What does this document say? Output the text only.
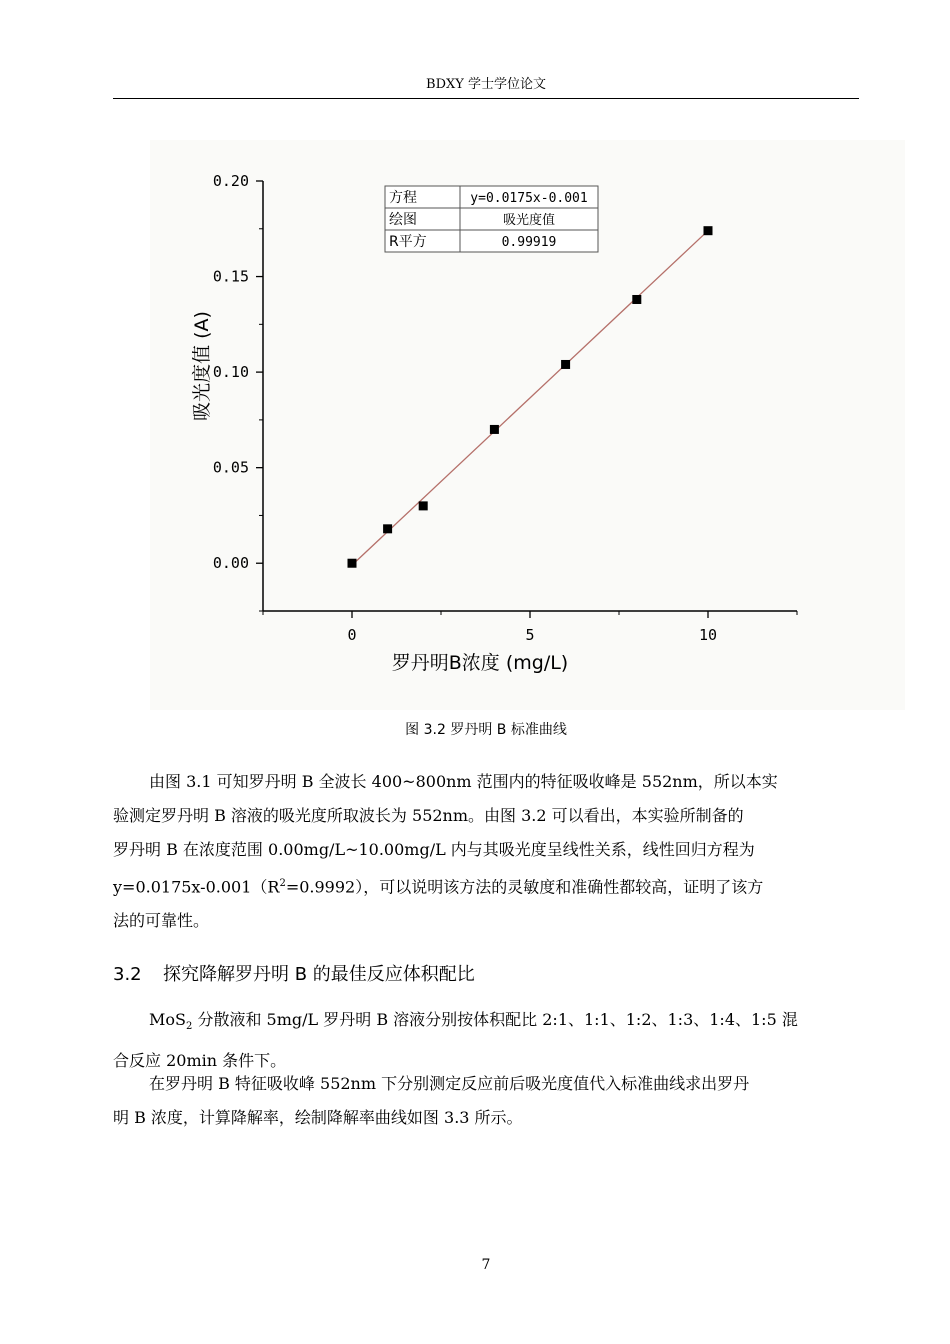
BDXY 学士学位论文
0.00
0.05
0.10
0.15
0.20
0	5	10
方程	y=0.0175x-0.001
绘图	吸光度值
R平方	0.99919
罗丹明B浓度 (mg/L)
吸光度值 (A)
图 3.2 罗丹明 B 标准曲线
由图 3.1 可知罗丹明 B 全波长 400~800nm 范围内的特征吸收峰是 552nm，所以本实
验测定罗丹明 B 溶液的吸光度所取波长为 552nm。由图 3.2 可以看出，本实验所制备的
罗丹明 B 在浓度范围 0.00mg/L~10.00mg/L 内与其吸光度呈线性关系，线性回归方程为
$y=0.0175x-0.001(R^2=0.9992)$，可以说明该方法的灵敏度和准确性都较高，证明了该方
法的可靠性。
3.2 探究降解罗丹明 B 的最佳反应体积配比
MoS$_2$ 分散液和 5mg/L 罗丹明 B 溶液分别按体积配比 2:1、1:1、1:2、1:3、1:4、1:5 混
合反应 20min 条件下。
在罗丹明 B 特征吸收峰 552nm 下分别测定反应前后吸光度值代入标准曲线求出罗丹
明 B 浓度，计算降解率，绘制降解率曲线如图 3.3 所示。
7
